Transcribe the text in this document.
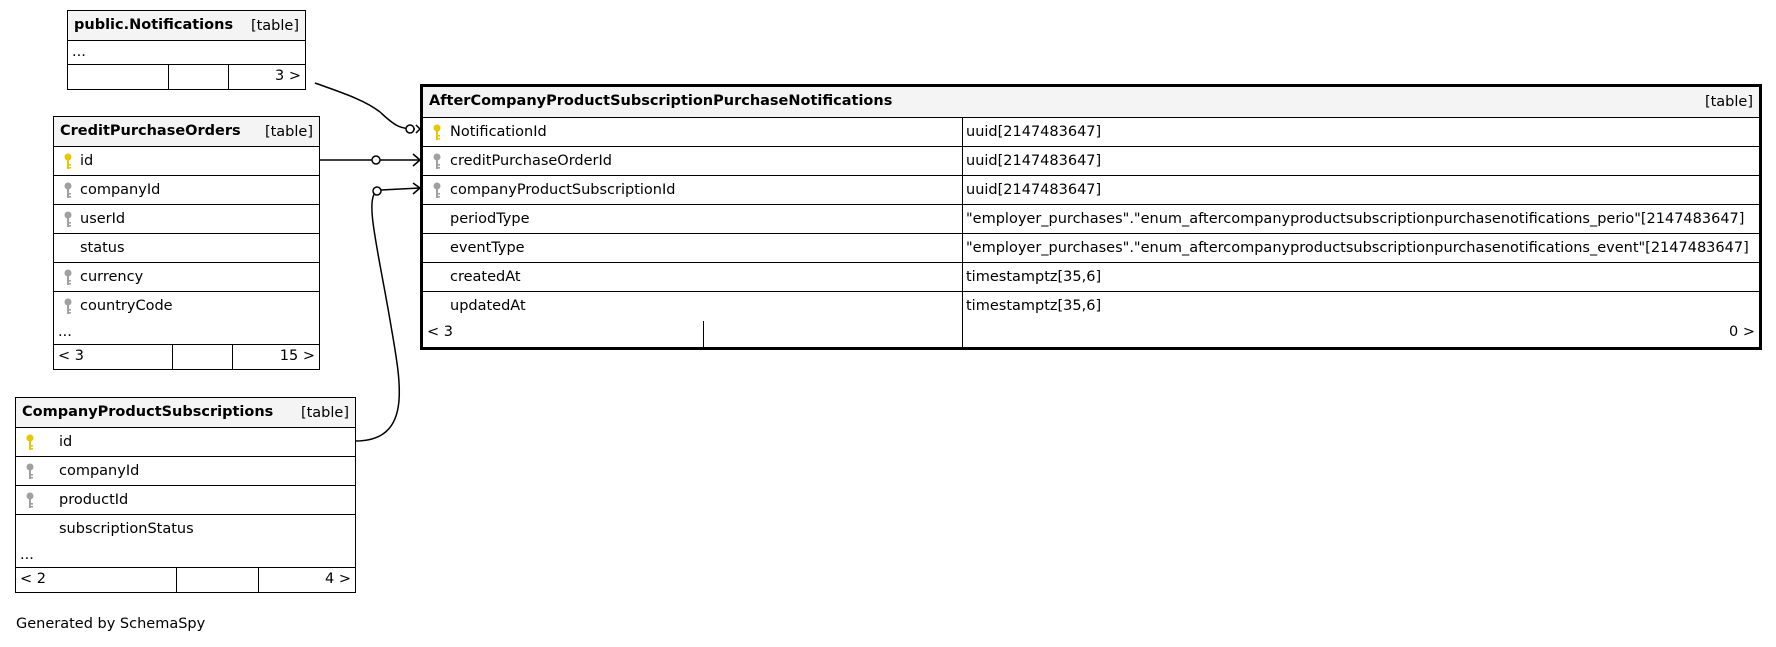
public.Notifications [table]
...
3 >
CreditPurchaseOrders [table]
id
companyId
userId
status
currency
countryCode
...
< 3	15 >
CompanyProductSubscriptions [table]
id
companyId
productId
subscriptionStatus
...
< 2	4 >
AfterCompanyProductSubscriptionPurchaseNotifications	[table]
NotificationId	uuid[2147483647]
creditPurchaseOrderId	uuid[2147483647]
companyProductSubscriptionId	uuid[2147483647]
periodType	"employer_purchases"."enum_aftercompanyproductsubscriptionpurchasenotifications_perio"[2147483647]
eventType	"employer_purchases"."enum_aftercompanyproductsubscriptionpurchasenotifications_event"[2147483647]
createdAt	timestamptz[35,6]
updatedAt	timestamptz[35,6]
< 3	0 >
Generated by SchemaSpy
